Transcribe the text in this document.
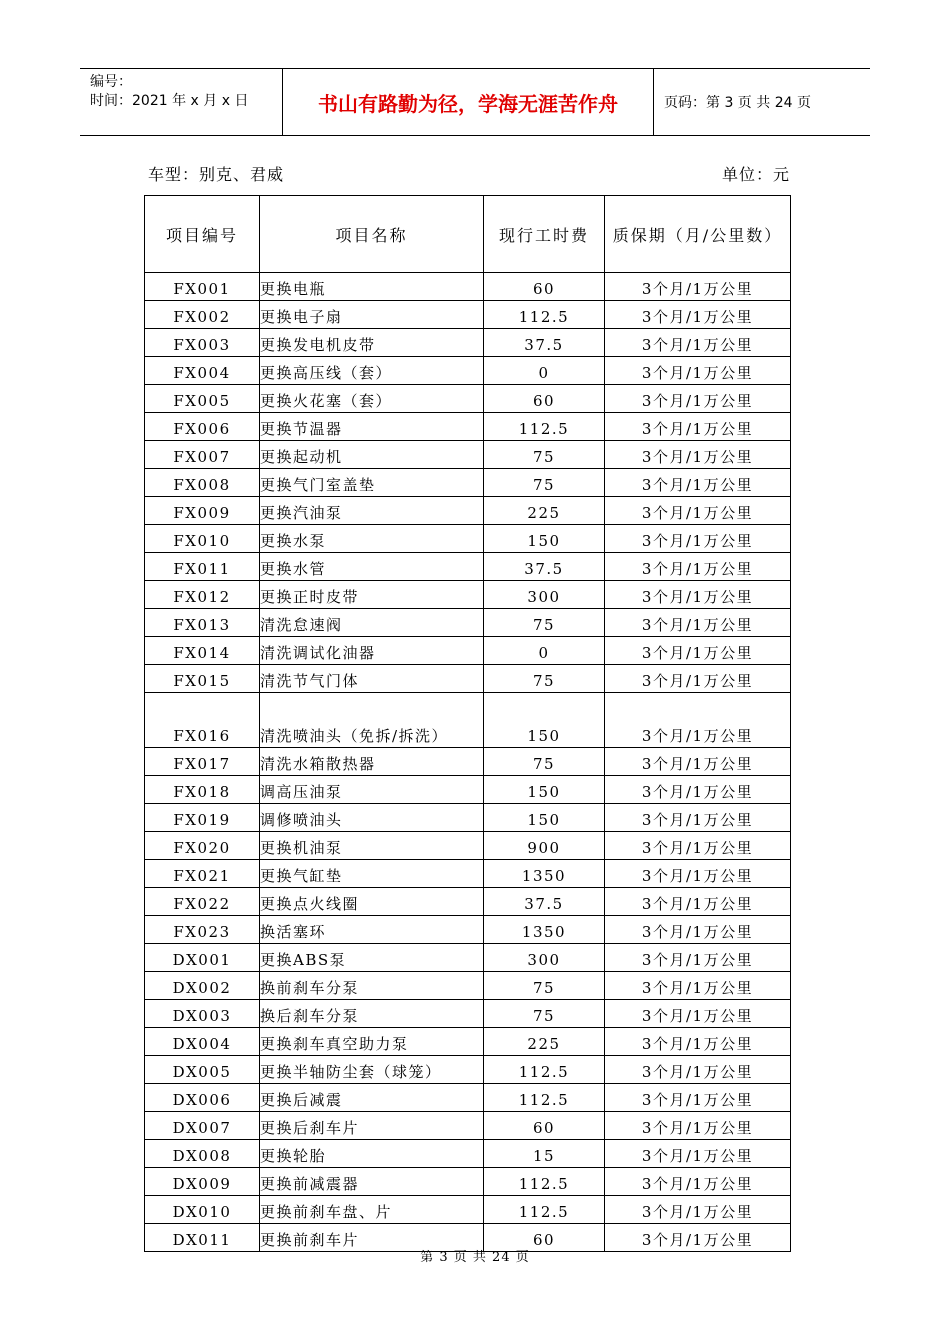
编号：
时间：2021 年 x 月 x 日	书山有路勤为径，学海无涯苦作舟	页码：第 3 页 共 24 页
车型：别克、君威	单位：元
项目编号	项目名称	现行工时费	质保期（月/公里数）
FX001	更换电瓶	60	3个月/1万公里
FX002	更换电子扇	112.5	3个月/1万公里
FX003	更换发电机皮带	37.5	3个月/1万公里
FX004	更换高压线（套）	0	3个月/1万公里
FX005	更换火花塞（套）	60	3个月/1万公里
FX006	更换节温器	112.5	3个月/1万公里
FX007	更换起动机	75	3个月/1万公里
FX008	更换气门室盖垫	75	3个月/1万公里
FX009	更换汽油泵	225	3个月/1万公里
FX010	更换水泵	150	3个月/1万公里
FX011	更换水管	37.5	3个月/1万公里
FX012	更换正时皮带	300	3个月/1万公里
FX013	清洗怠速阀	75	3个月/1万公里
FX014	清洗调试化油器	0	3个月/1万公里
FX015	清洗节气门体	75	3个月/1万公里
FX016	清洗喷油头（免拆/拆洗）	150	3个月/1万公里
FX017	清洗水箱散热器	75	3个月/1万公里
FX018	调高压油泵	150	3个月/1万公里
FX019	调修喷油头	150	3个月/1万公里
FX020	更换机油泵	900	3个月/1万公里
FX021	更换气缸垫	1350	3个月/1万公里
FX022	更换点火线圈	37.5	3个月/1万公里
FX023	换活塞环	1350	3个月/1万公里
DX001	更换ABS泵	300	3个月/1万公里
DX002	换前刹车分泵	75	3个月/1万公里
DX003	换后刹车分泵	75	3个月/1万公里
DX004	更换刹车真空助力泵	225	3个月/1万公里
DX005	更换半轴防尘套（球笼）	112.5	3个月/1万公里
DX006	更换后减震	112.5	3个月/1万公里
DX007	更换后刹车片	60	3个月/1万公里
DX008	更换轮胎	15	3个月/1万公里
DX009	更换前减震器	112.5	3个月/1万公里
DX010	更换前刹车盘、片	112.5	3个月/1万公里
DX011	更换前刹车片	60	3个月/1万公里
第 3 页 共 24 页
